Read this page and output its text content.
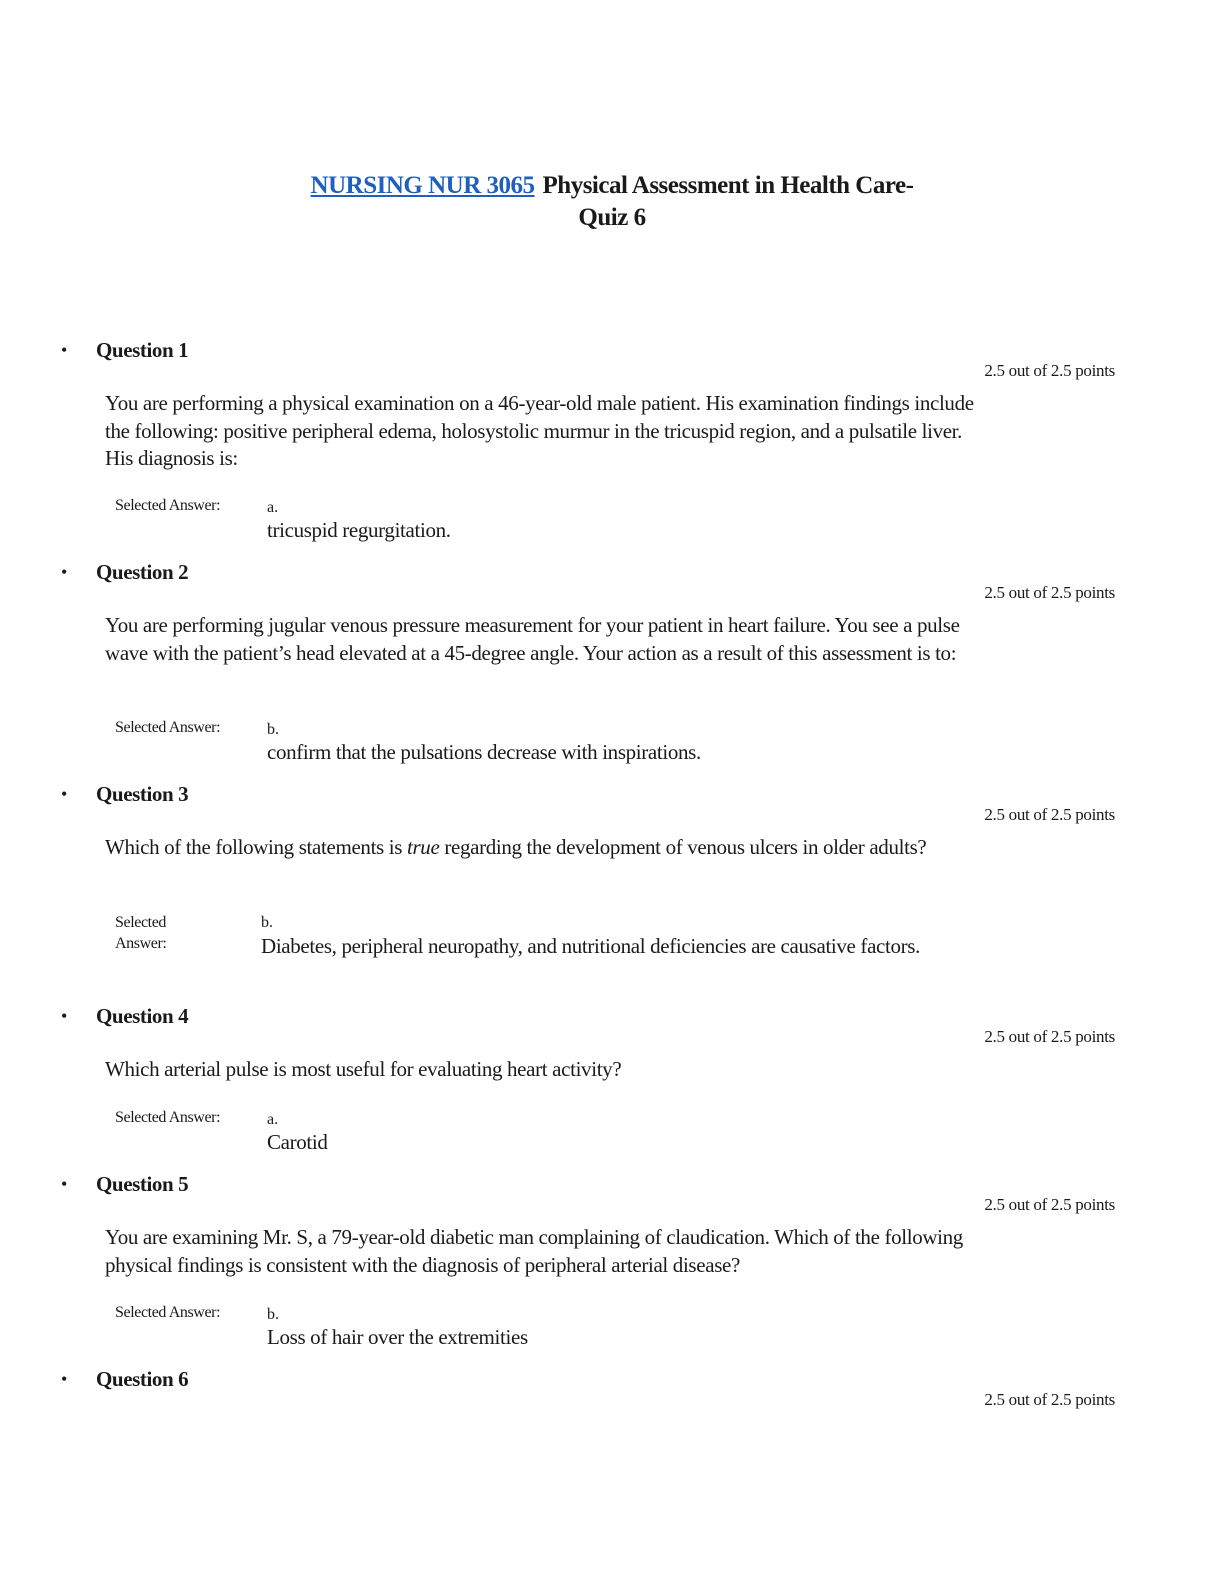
NURSING NUR 3065 Physical Assessment in Health Care-
Quiz 6
• Question 1
2.5 out of 2.5 points
You are performing a physical examination on a 46-year-old male patient. His examination findings include the following: positive peripheral edema, holosystolic murmur in the tricuspid region, and a pulsatile liver. His diagnosis is:
Selected Answer:	a.
tricuspid regurgitation.
• Question 2
2.5 out of 2.5 points
You are performing jugular venous pressure measurement for your patient in heart failure. You see a pulse wave with the patient’s head elevated at a 45-degree angle. Your action as a result of this assessment is to:
Selected Answer:	b.
confirm that the pulsations decrease with inspirations.
• Question 3
2.5 out of 2.5 points
Which of the following statements is true regarding the development of venous ulcers in older adults?
Selected
Answer:
b.
Diabetes, peripheral neuropathy, and nutritional deficiencies are causative factors.
• Question 4
2.5 out of 2.5 points
Which arterial pulse is most useful for evaluating heart activity?
Selected Answer:	a.
Carotid
• Question 5
2.5 out of 2.5 points
You are examining Mr. S, a 79-year-old diabetic man complaining of claudication. Which of the following physical findings is consistent with the diagnosis of peripheral arterial disease?
Selected Answer:	b.
Loss of hair over the extremities
• Question 6
2.5 out of 2.5 points
